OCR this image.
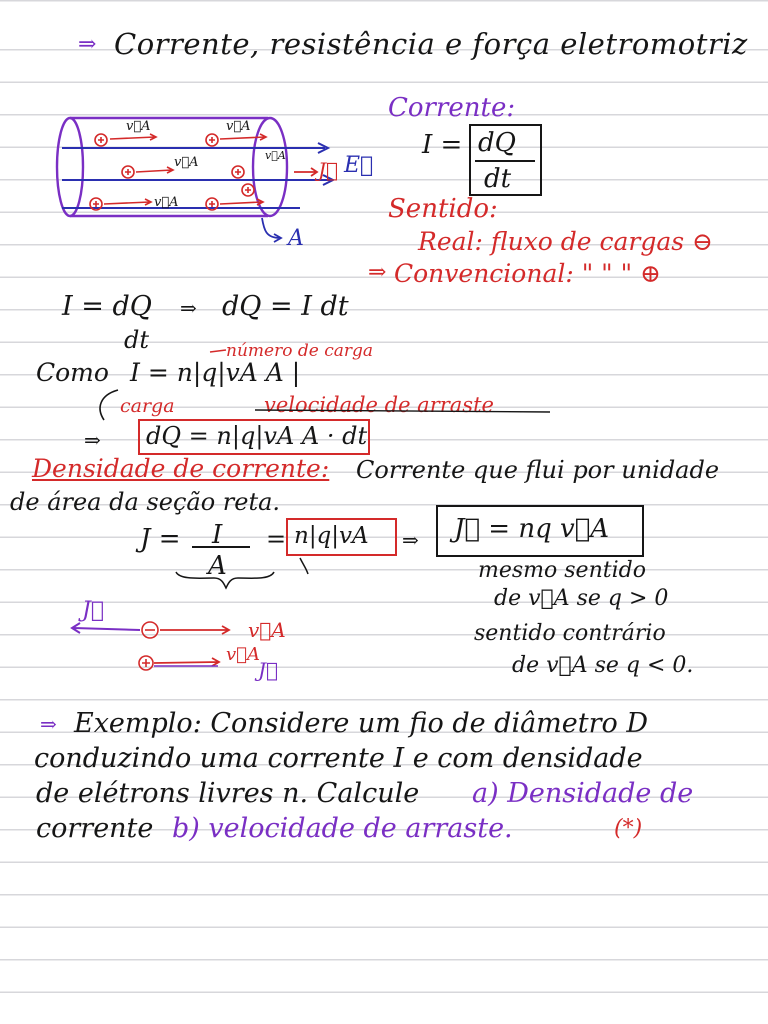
⇒ Corrente, resistência e força eletromotriz
v⃗A	v⃗A
v⃗A
v⃗A
v⃗A
J⃗ E⃗
A
Corrente:
I = dQ
dt
Sentido:
Real: fluxo de cargas ⊖
⇒ Convencional: " " " ⊕
I = dQ
dt
⇒ dQ = I dt
número de carga
Como I = n|q|vA A |
carga	velocidade de arraste
⇒ dQ = n|q|vA A · dt
Densidade de corrente: Corrente que flui por unidade
de área da seção reta.
J = I
A
= n|q|vA ⇒ J⃗ = nq v⃗A
mesmo sentido
de v⃗A se q > 0
sentido contrário
de v⃗A se q < 0.
J⃗
v⃗A
v⃗A
J⃗
⇒ Exemplo: Considere um fio de diâmetro D
conduzindo uma corrente I e com densidade
de elétrons livres n. Calcule a) Densidade de
corrente b) velocidade de arraste.	(*)
